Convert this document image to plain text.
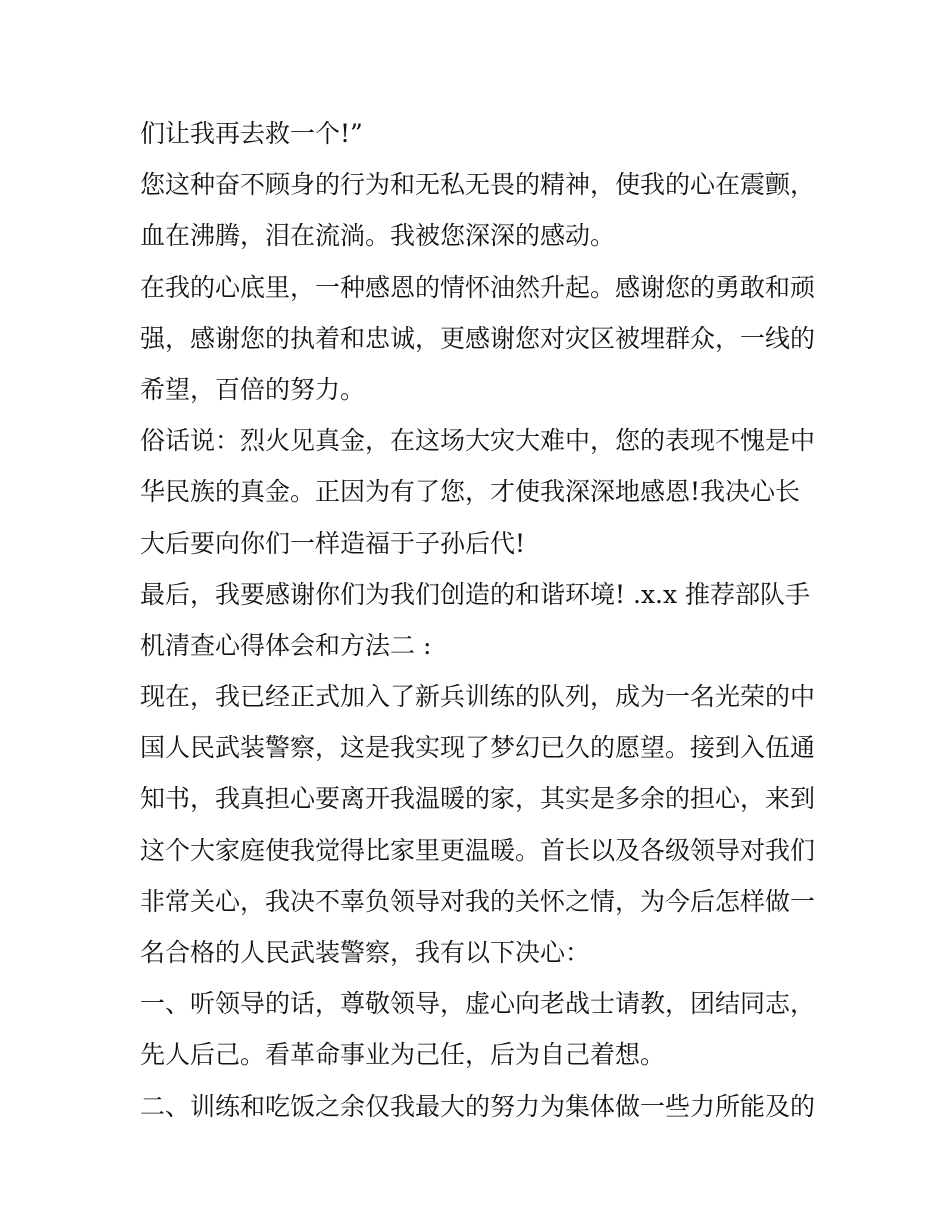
们让我再去救一个!”
您这种奋不顾身的行为和无私无畏的精神，使我的心在震颤，
血在沸腾，泪在流淌。我被您深深的感动。
在我的心底里，一种感恩的情怀油然升起。感谢您的勇敢和顽
强，感谢您的执着和忠诚，更感谢您对灾区被埋群众，一线的
希望，百倍的努力。
俗话说：烈火见真金，在这场大灾大难中，您的表现不愧是中
华民族的真金。正因为有了您，才使我深深地感恩!我决心长
大后要向你们一样造福于子孙后代!
最后，我要感谢你们为我们创造的和谐环境! .x.x 推荐部队手
机清查心得体会和方法二 :
现在，我已经正式加入了新兵训练的队列，成为一名光荣的中
国人民武装警察，这是我实现了梦幻已久的愿望。接到入伍通
知书，我真担心要离开我温暖的家，其实是多余的担心，来到
这个大家庭使我觉得比家里更温暖。首长以及各级领导对我们
非常关心，我决不辜负领导对我的关怀之情，为今后怎样做一
名合格的人民武装警察，我有以下决心：
一、听领导的话，尊敬领导，虚心向老战士请教，团结同志，
先人后己。看革命事业为己任，后为自己着想。
二、训练和吃饭之余仅我最大的努力为集体做一些力所能及的
